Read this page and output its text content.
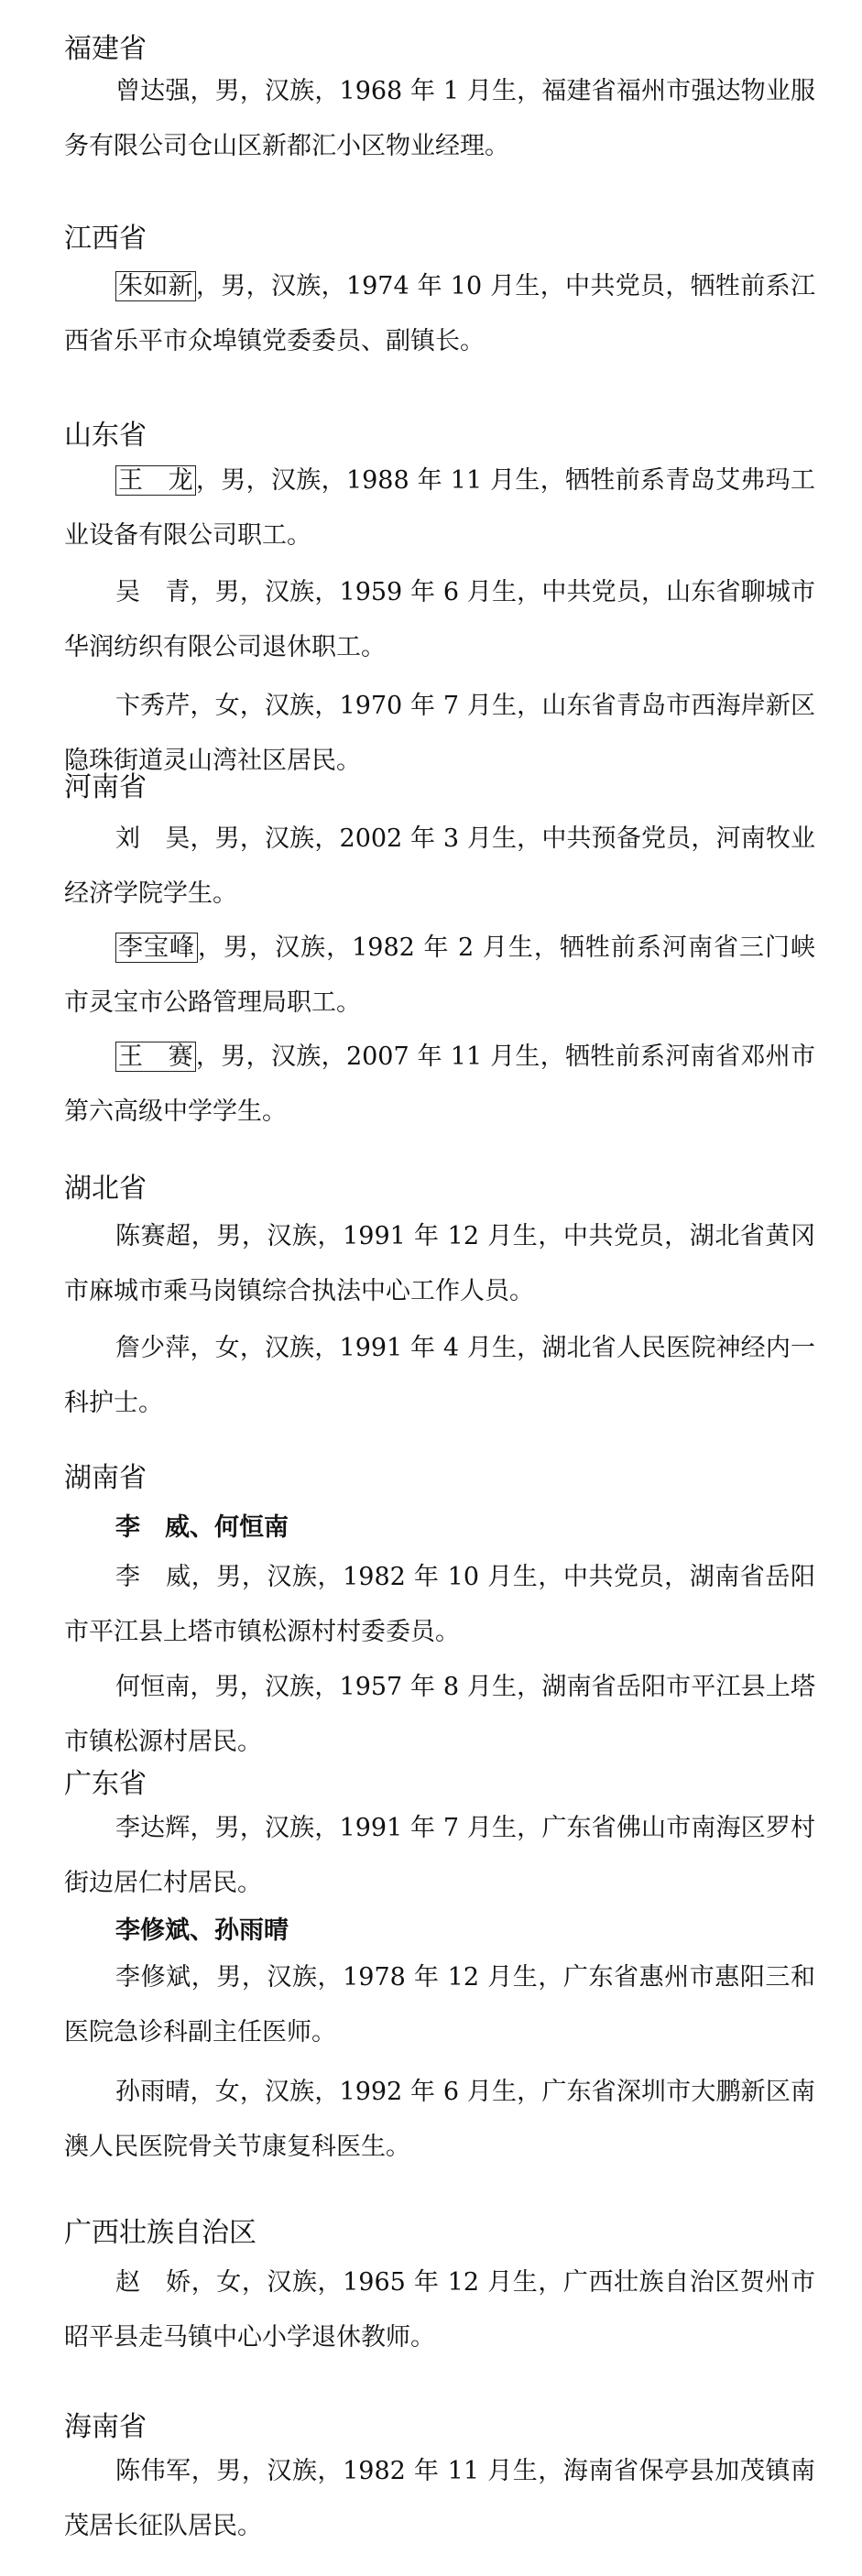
福建省
曾达强，男，汉族，1968 年 1 月生，福建省福州市强达物业服务有限公司仓山区新都汇小区物业经理。
江西省
朱如新 ，男，汉族，1974 年 10 月生，中共党员，牺牲前系江西省乐平市众埠镇党委委员、副镇长。
山东省
王　龙 ，男，汉族，1988 年 11 月生，牺牲前系青岛艾弗玛工业设备有限公司职工。
吴　青，男，汉族，1959 年 6 月生，中共党员，山东省聊城市华润纺织有限公司退休职工。
卞秀芹，女，汉族，1970 年 7 月生，山东省青岛市西海岸新区隐珠街道灵山湾社区居民。
河南省
刘　昊，男，汉族，2002 年 3 月生，中共预备党员，河南牧业经济学院学生。
李宝峰 ，男，汉族，1982 年 2 月生，牺牲前系河南省三门峡市灵宝市公路管理局职工。
王　赛 ，男，汉族，2007 年 11 月生，牺牲前系河南省邓州市第六高级中学学生。
湖北省
陈赛超，男，汉族，1991 年 12 月生，中共党员，湖北省黄冈市麻城市乘马岗镇综合执法中心工作人员。
詹少萍，女，汉族，1991 年 4 月生，湖北省人民医院神经内一科护士。
湖南省
李　威、何恒南
李　威，男，汉族，1982 年 10 月生，中共党员，湖南省岳阳市平江县上塔市镇松源村村委委员。
何恒南，男，汉族，1957 年 8 月生，湖南省岳阳市平江县上塔市镇松源村居民。
广东省
李达辉，男，汉族，1991 年 7 月生，广东省佛山市南海区罗村街边居仁村居民。
李修斌、孙雨晴
李修斌，男，汉族，1978 年 12 月生，广东省惠州市惠阳三和医院急诊科副主任医师。
孙雨晴，女，汉族，1992 年 6 月生，广东省深圳市大鹏新区南澳人民医院骨关节康复科医生。
广西壮族自治区
赵　娇，女，汉族，1965 年 12 月生，广西壮族自治区贺州市昭平县走马镇中心小学退休教师。
海南省
陈伟军，男，汉族，1982 年 11 月生，海南省保亭县加茂镇南茂居长征队居民。
